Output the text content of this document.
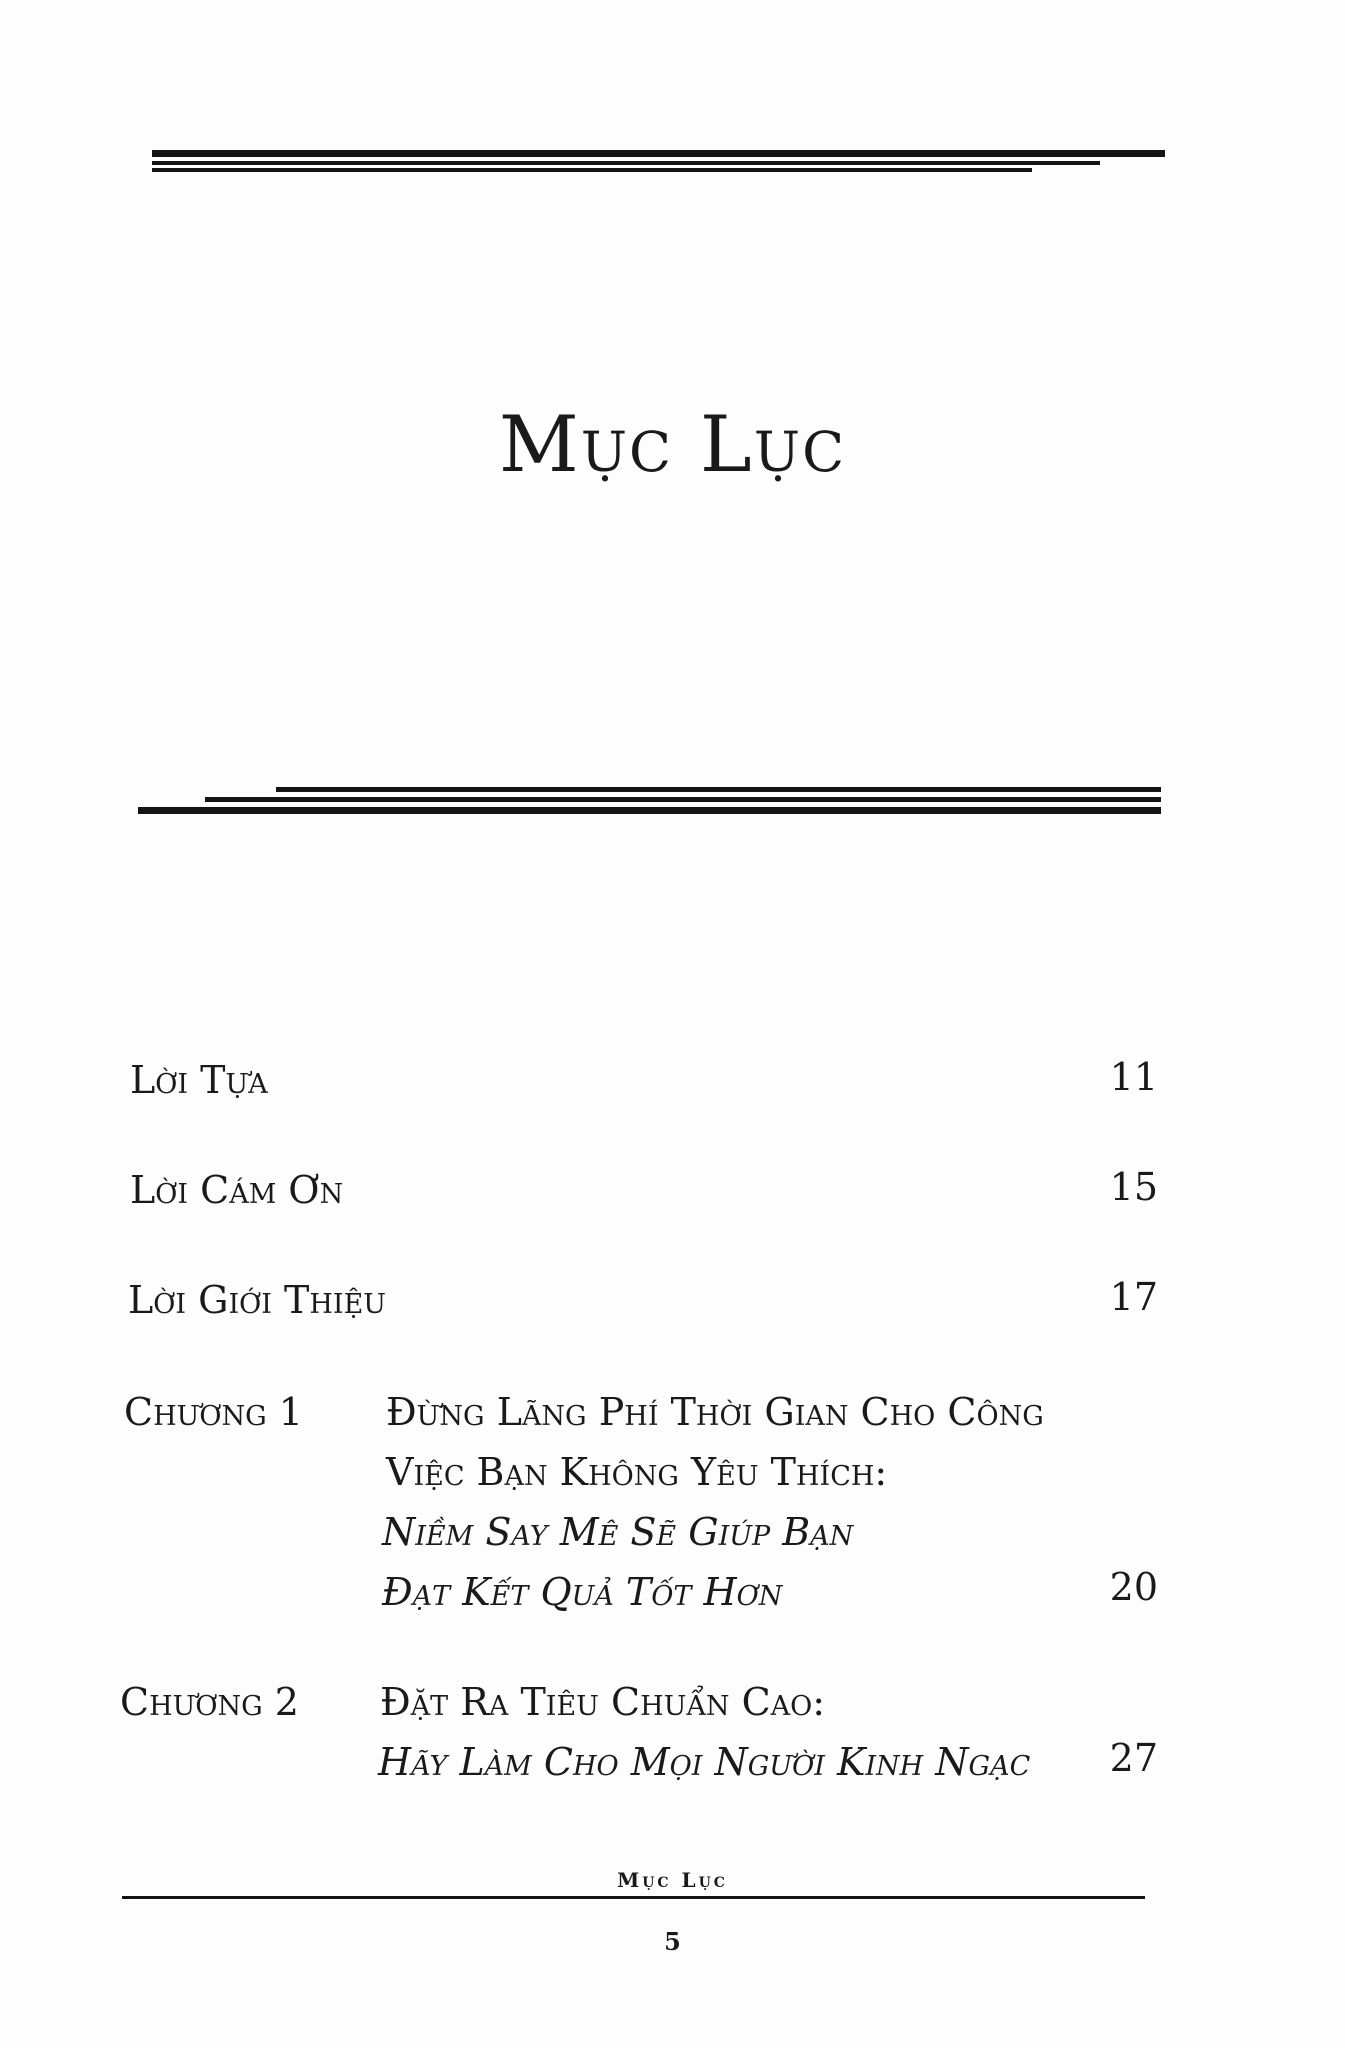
Mục Lục
Lời Tựa	11
Lời Cám Ơn	15
Lời Giới Thiệu	17
Chương 1 Đừng Lãng Phí Thời Gian Cho Công
Việc Bạn Không Yêu Thích:
Niềm Say Mê Sẽ Giúp Bạn
Đạt Kết Quả Tốt Hơn	20
Chương 2 Đặt Ra Tiêu Chuẩn Cao:
Hãy Làm Cho Mọi Người Kinh Ngạc 27
Mục Lục
5
